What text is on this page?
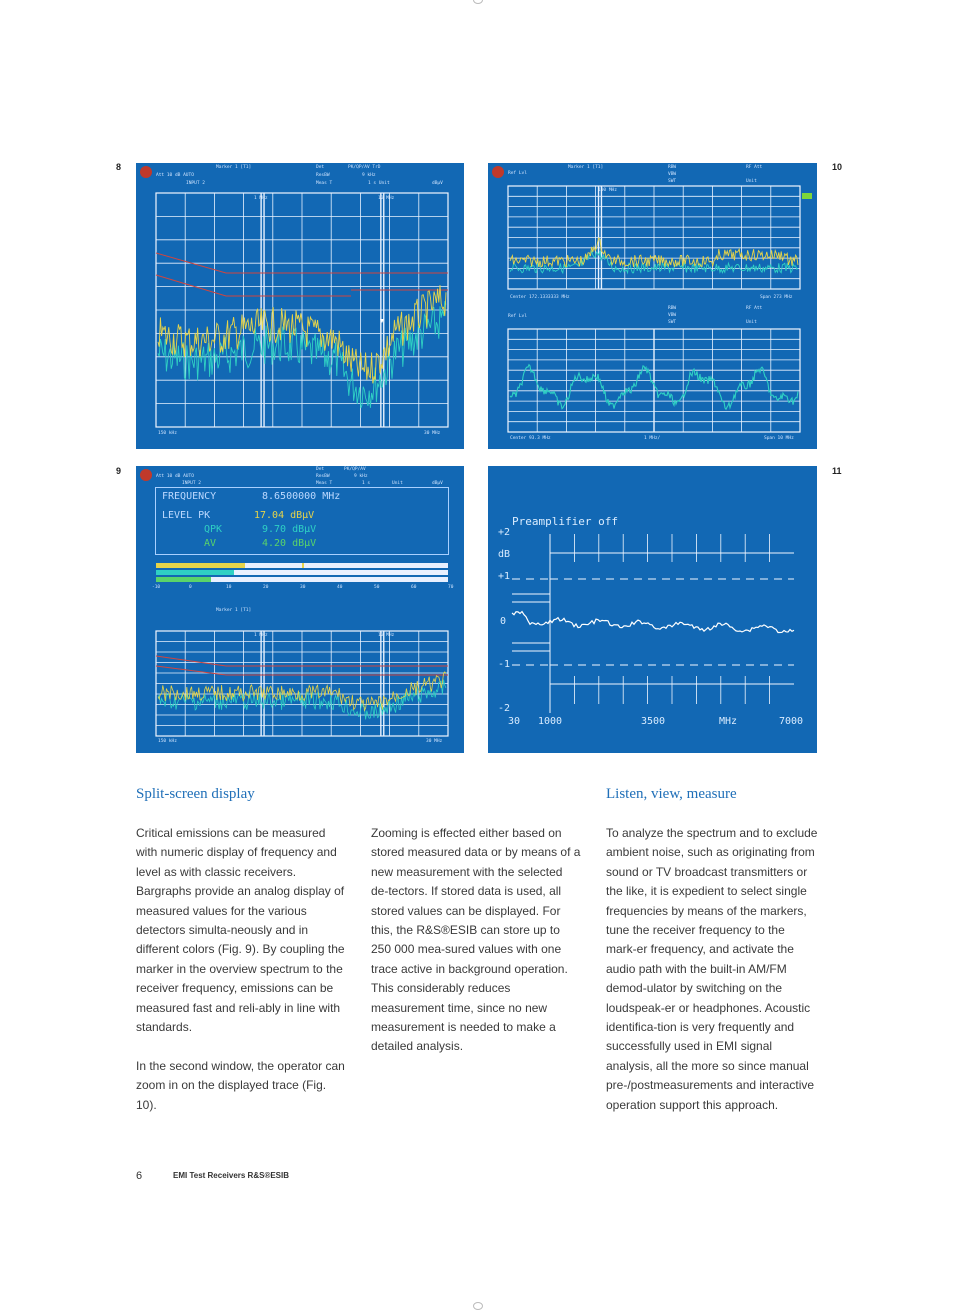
8
9
10
11
Marker 1 [T1]
Att 10 dB AUTO
INPUT 2
Det
ResBW
Meas T
PK/QP/AV TrD
9 kHz
1 s Unit	dBµV
1 MHz	10 MHz
150 kHz	30 MHz
Ref Lvl
Marker 1 [T1]	RBW
VBW
SWT
RF Att
Unit
100 MHz
Center 172.1333333 MHz	Span 273 MHz
Ref Lvl
RBW
VBW
SWT
RF Att
Unit
Center 93.3 MHz	1 MHz/	Span 10 MHz
Att 10 dB AUTO
INPUT 2
Det
ResBW
Meas T
PK/QP/AV
9 kHz
1 s	Unit	dBµV
FREQUENCY	8.6500000 MHz
LEVEL PK	17.04 dBµV
QPK	9.70 dBµV
AV	4.20 dBµV
-10	0	10	20	30	40	50	60	70
Marker 1 [T1]
1 MHz	10 MHz
150 kHz	30 MHz
Preamplifier off
+2
dB
+1
0
-1
-2
30 1000	3500	MHz	7000
Split-screen display	Listen, view, measure

Critical emissions can be measured with numeric display of frequency and level as with classic receivers. Bargraphs provide an analog display of measured values for the various detectors simulta-neously and in different colors (Fig. 9). By coupling the marker in the overview spectrum to the receiver frequency, emissions can be measured fast and reli-ably in line with standards.

In the second window, the operator can zoom in on the displayed trace (Fig. 10).

Zooming is effected either based on stored measured data or by means of a new measurement with the selected de-tectors. If stored data is used, all stored values can be displayed. For this, the R&S®ESIB can store up to 250 000 mea-sured values with one trace active in background operation. This considerably reduces measurement time, since no new measurement is needed to make a detailed analysis.

To analyze the spectrum and to exclude ambient noise, such as originating from sound or TV broadcast transmitters or the like, it is expedient to select single frequencies by means of the markers, tune the receiver frequency to the mark-er frequency, and activate the audio path with the built-in AM/FM demod-ulator by switching on the loudspeak-er or headphones. Acoustic identifica-tion is very frequently and successfully used in EMI signal analysis, all the more so since manual pre-/postmeasurements and interactive operation support this approach.

6	EMI Test Receivers R&S®ESIB
